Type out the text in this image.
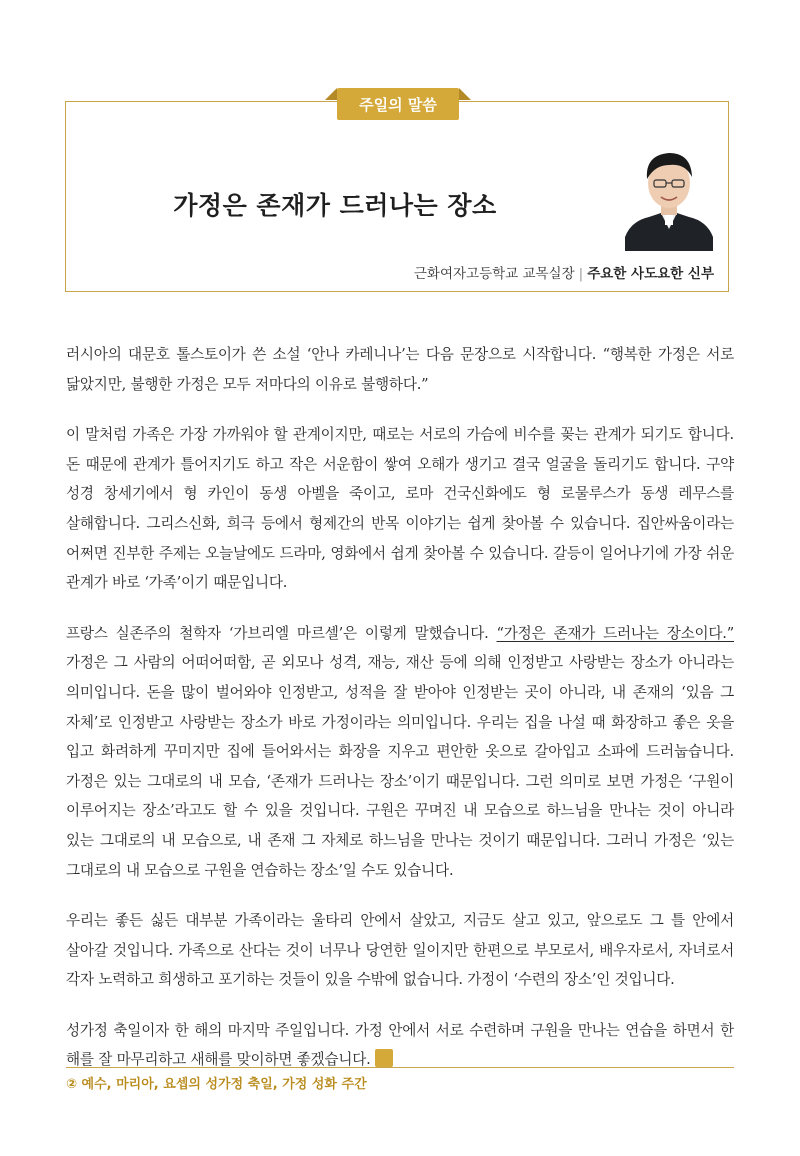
주일의 말씀
가정은 존재가 드러나는 장소
근화여자고등학교 교목실장 | 주요한 사도요한 신부

러시아의 대문호 톨스토이가 쓴 소설 ‘안나 카레니나’는 다음 문장으로 시작합니다. “행복한 가정은 서로 닮았지만, 불행한 가정은 모두 저마다의 이유로 불행하다.”

이 말처럼 가족은 가장 가까워야 할 관계이지만, 때로는 서로의 가슴에 비수를 꽂는 관계가 되기도 합니다. 돈 때문에 관계가 틀어지기도 하고 작은 서운함이 쌓여 오해가 생기고 결국 얼굴을 돌리기도 합니다. 구약 성경 창세기에서 형 카인이 동생 아벨을 죽이고, 로마 건국신화에도 형 로물루스가 동생 레무스를 살해합니다. 그리스신화, 희극 등에서 형제간의 반목 이야기는 쉽게 찾아볼 수 있습니다. 집안싸움이라는 어쩌면 진부한 주제는 오늘날에도 드라마, 영화에서 쉽게 찾아볼 수 있습니다. 갈등이 일어나기에 가장 쉬운 관계가 바로 ‘가족’이기 때문입니다.

프랑스 실존주의 철학자 ‘가브리엘 마르셀’은 이렇게 말했습니다. “가정은 존재가 드러나는 장소이다.” 가정은 그 사람의 어떠어떠함, 곧 외모나 성격, 재능, 재산 등에 의해 인정받고 사랑받는 장소가 아니라는 의미입니다. 돈을 많이 벌어와야 인정받고, 성적을 잘 받아야 인정받는 곳이 아니라, 내 존재의 ‘있음 그 자체’로 인정받고 사랑받는 장소가 바로 가정이라는 의미입니다. 우리는 집을 나설 때 화장하고 좋은 옷을 입고 화려하게 꾸미지만 집에 들어와서는 화장을 지우고 편안한 옷으로 갈아입고 소파에 드러눕습니다. 가정은 있는 그대로의 내 모습, ‘존재가 드러나는 장소’이기 때문입니다. 그런 의미로 보면 가정은 ‘구원이 이루어지는 장소’라고도 할 수 있을 것입니다. 구원은 꾸며진 내 모습으로 하느님을 만나는 것이 아니라 있는 그대로의 내 모습으로, 내 존재 그 자체로 하느님을 만나는 것이기 때문입니다. 그러니 가정은 ‘있는 그대로의 내 모습으로 구원을 연습하는 장소’일 수도 있습니다.

우리는 좋든 싫든 대부분 가족이라는 울타리 안에서 살았고, 지금도 살고 있고, 앞으로도 그 틀 안에서 살아갈 것입니다. 가족으로 산다는 것이 너무나 당연한 일이지만 한편으로 부모로서, 배우자로서, 자녀로서 각자 노력하고 희생하고 포기하는 것들이 있을 수밖에 없습니다. 가정이 ‘수련의 장소’인 것입니다.

성가정 축일이자 한 해의 마지막 주일입니다. 가정 안에서 서로 수련하며 구원을 만나는 연습을 하면서 한 해를 잘 마무리하고 새해를 맞이하면 좋겠습니다.

② 예수, 마리아, 요셉의 성가정 축일, 가정 성화 주간
